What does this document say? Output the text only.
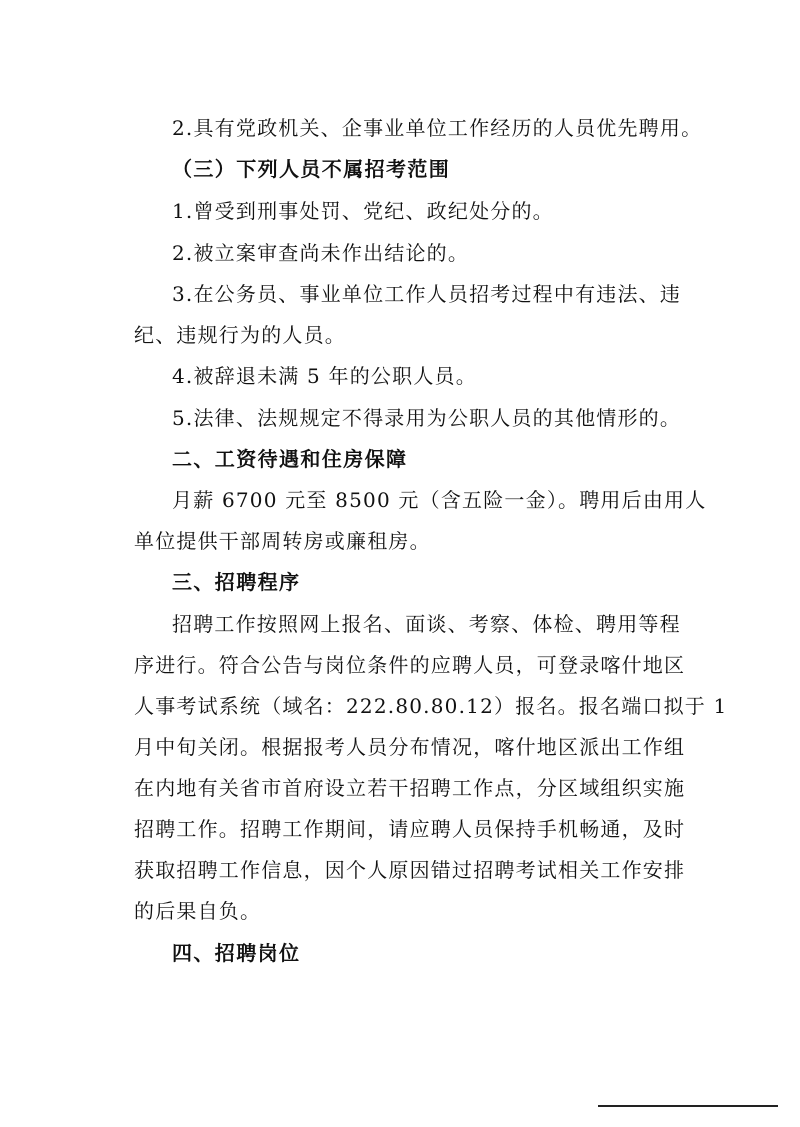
2.具有党政机关、企事业单位工作经历的人员优先聘用。
（三）下列人员不属招考范围
1.曾受到刑事处罚、党纪、政纪处分的。
2.被立案审查尚未作出结论的。
3.在公务员、事业单位工作人员招考过程中有违法、违
纪、违规行为的人员。
4.被辞退未满 5 年的公职人员。
5.法律、法规规定不得录用为公职人员的其他情形的。
二、工资待遇和住房保障
月薪 6700 元至 8500 元（含五险一金）。聘用后由用人
单位提供干部周转房或廉租房。
三、招聘程序
招聘工作按照网上报名、面谈、考察、体检、聘用等程
序进行。符合公告与岗位条件的应聘人员，可登录喀什地区
人事考试系统（域名：222.80.80.12）报名。报名端口拟于 1
月中旬关闭。根据报考人员分布情况，喀什地区派出工作组
在内地有关省市首府设立若干招聘工作点，分区域组织实施
招聘工作。招聘工作期间，请应聘人员保持手机畅通，及时
获取招聘工作信息，因个人原因错过招聘考试相关工作安排
的后果自负。
四、招聘岗位
